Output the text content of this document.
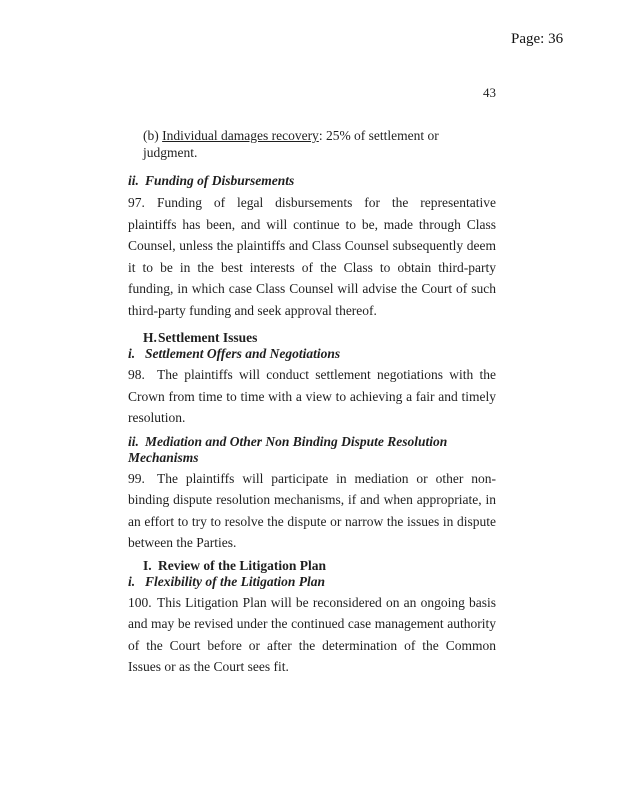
Page: 36
43
(b) Individual damages recovery: 25% of settlement or judgment.
ii. Funding of Disbursements

97. Funding of legal disbursements for the representative plaintiffs has been, and will continue to be, made through Class Counsel, unless the plaintiffs and Class Counsel subsequently deem it to be in the best interests of the Class to obtain third-party funding, in which case Class Counsel will advise the Court of such third-party funding and seek approval thereof.

H.Settlement Issues
i. Settlement Offers and Negotiations

98. The plaintiffs will conduct settlement negotiations with the Crown from time to time with a view to achieving a fair and timely resolution.

ii. Mediation and Other Non Binding Dispute Resolution Mechanisms

99. The plaintiffs will participate in mediation or other non-binding dispute resolution mechanisms, if and when appropriate, in an effort to try to resolve the dispute or narrow the issues in dispute between the Parties.

I. Review of the Litigation Plan
i. Flexibility of the Litigation Plan

100. This Litigation Plan will be reconsidered on an ongoing basis and may be revised under the continued case management authority of the Court before or after the determination of the Common Issues or as the Court sees fit.
